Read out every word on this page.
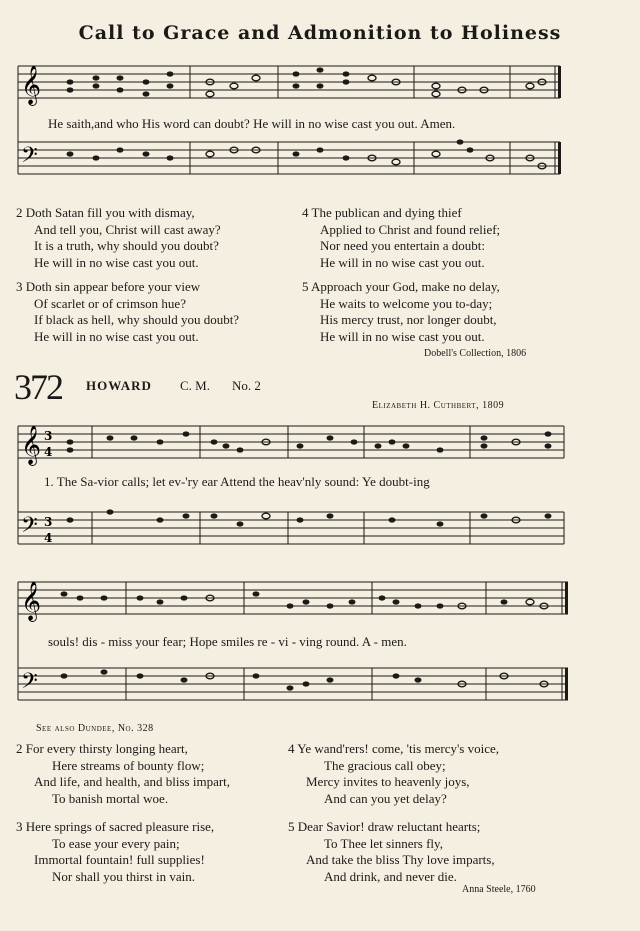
Call to Grace and Admonition to Holiness
𝄞
𝄢
He saith,and who His word can doubt? He will in no wise cast you out. Amen.
2 Doth Satan fill you with dismay,
And tell you, Christ will cast away?
It is a truth, why should you doubt?
He will in no wise cast you out.
3 Doth sin appear before your view
Of scarlet or of crimson hue?
If black as hell, why should you doubt?
He will in no wise cast you out.
4 The publican and dying thief
Applied to Christ and found relief;
Nor need you entertain a doubt:
He will in no wise cast you out.
5 Approach your God, make no delay,
He waits to welcome you to-day;
His mercy trust, nor longer doubt,
He will in no wise cast you out.
Dobell's Collection, 1806
372 HOWARD C. M. No. 2
Elizabeth H. Cuthbert, 1809
𝄞
𝄢
3
4
3
4
1. The Sa-vior calls; let ev-'ry ear Attend the heav'nly sound: Ye doubt-ing
𝄞
𝄢
souls! dis - miss your fear; Hope smiles re - vi - ving round. A - men.
See also Dundee, No. 328
2 For every thirsty longing heart,
Here streams of bounty flow;
And life, and health, and bliss impart,
To banish mortal woe.
3 Here springs of sacred pleasure rise,
To ease your every pain;
Immortal fountain! full supplies!
Nor shall you thirst in vain.
4 Ye wand'rers! come, 'tis mercy's voice,
The gracious call obey;
Mercy invites to heavenly joys,
And can you yet delay?
5 Dear Savior! draw reluctant hearts;
To Thee let sinners fly,
And take the bliss Thy love imparts,
And drink, and never die.
Anna Steele, 1760
